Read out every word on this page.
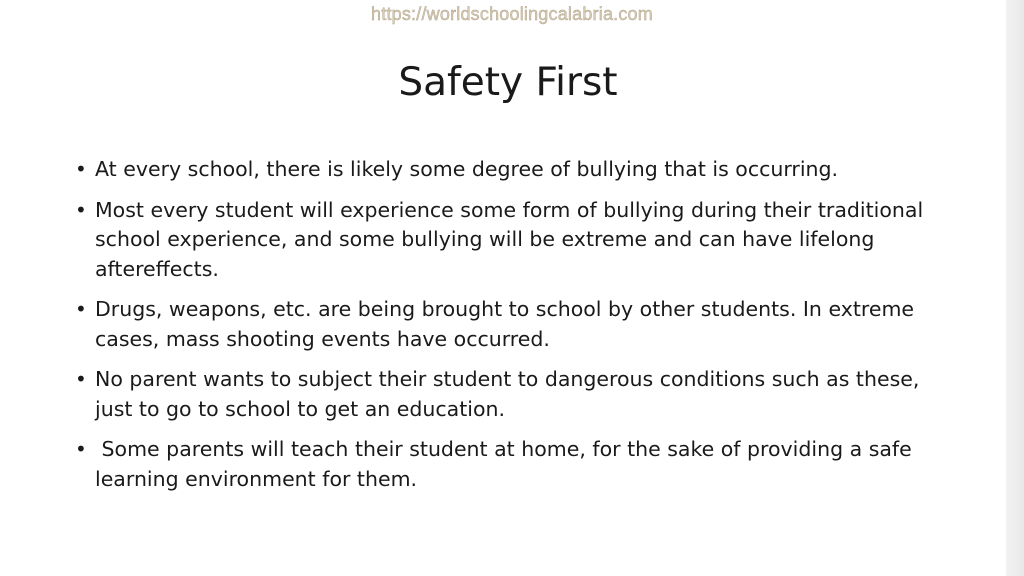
https://worldschoolingcalabria.com
Safety First
• At every school, there is likely some degree of bullying that is occurring.
• Most every student will experience some form of bullying during their traditional school experience, and some bullying will be extreme and can have lifelong aftereffects.
• Drugs, weapons, etc. are being brought to school by other students. In extreme cases, mass shooting events have occurred.
• No parent wants to subject their student to dangerous conditions such as these, just to go to school to get an education.
• Some parents will teach their student at home, for the sake of providing a safe learning environment for them.
